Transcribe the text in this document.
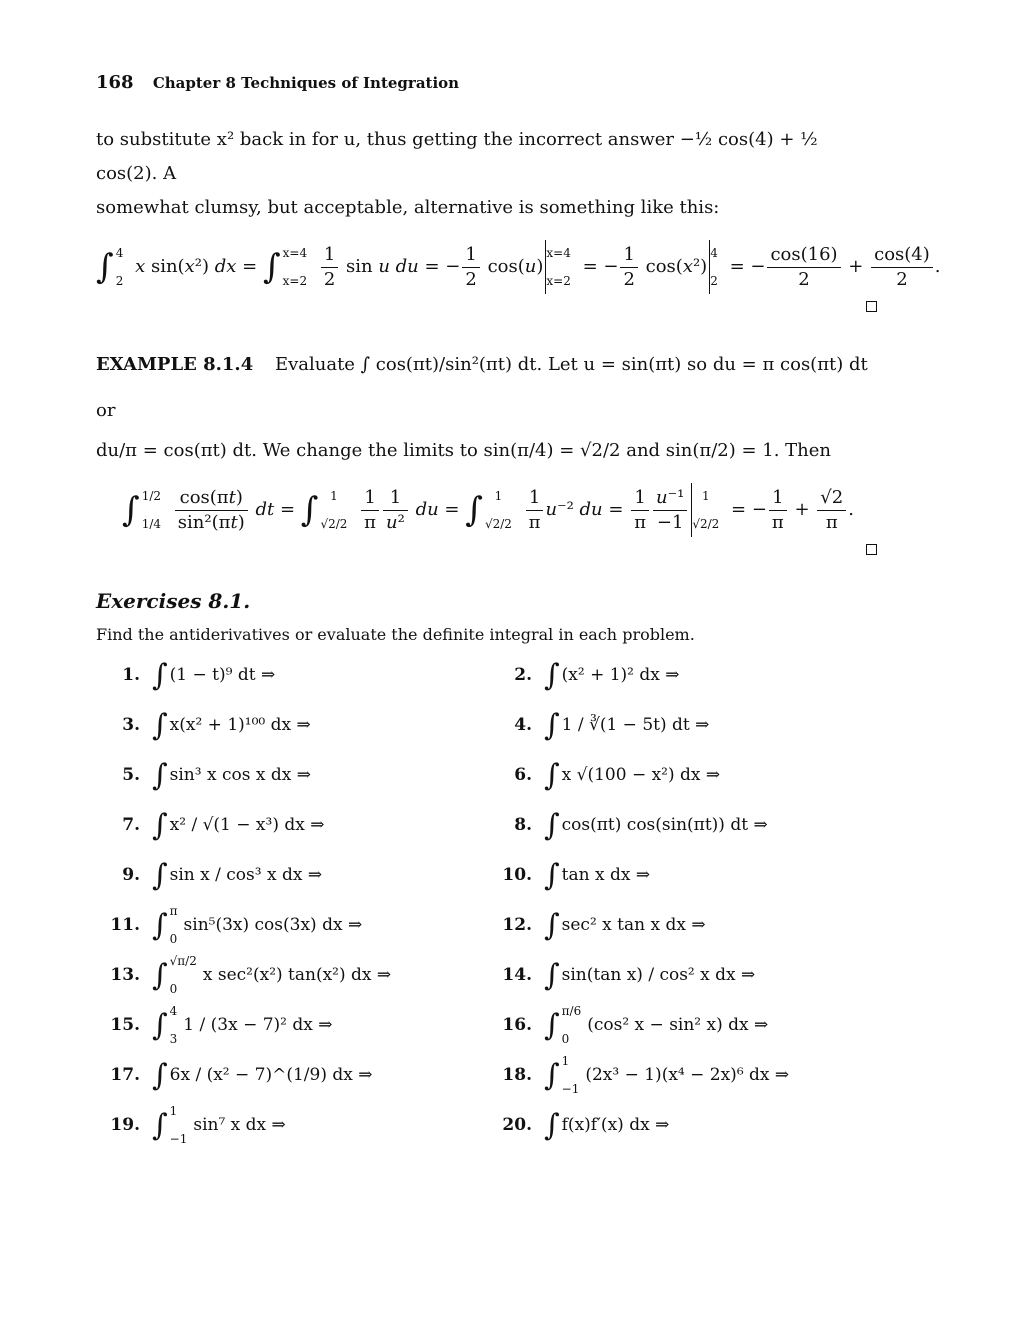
168 Chapter 8 Techniques of Integration
to substitute x² back in for u, thus getting the incorrect answer −½ cos(4) + ½ cos(2). A
somewhat clumsy, but acceptable, alternative is something like this:
∫ 4
2
x sin(x²) dx = ∫ x=4
x=2
$\frac{1}{2}$ sin u du = − $\frac{1}{2} \cos(u)$
x=4
x=2
= − $\frac{1}{2} \cos(x^2)$
4
2
= − $\frac{\cos(16)}{2} + \frac{\cos(4)}{2}$ .
EXAMPLE 8.1.4 Evaluate ∫ cos(πt)/sin²(πt) dt. Let u = sin(πt) so du = π cos(πt) dt or
du/π = cos(πt) dt. We change the limits to sin(π/4) = √2/2 and sin(π/2) = 1. Then
∫ 1/2
1/4
$\frac{\cos(\pi t)}{\text{sin²(πt)}}$ dt = ∫ 1
√2/2
$\frac{1}{\pi} \frac{1}{\text{u²}}$ du = ∫ 1
√2/2
$\frac{1}{\pi} u^{-2}$ du = $\frac{1}{\pi} \frac{\text{u⁻¹}}{-1}$	1
√2/2
= − $\frac{1}{\pi} + \frac{√2}{\pi}$ .
Exercises 8.1.
Find the antiderivatives or evaluate the definite integral in each problem.
1. ∫ (1 − t)⁹ dt ⇒	2. ∫ (x² + 1)² dx ⇒
3. ∫ x(x² + 1)¹⁰⁰ dx ⇒	4. ∫ 1 / ∛(1 − 5t) dt ⇒
5. ∫ sin³ x cos x dx ⇒	6. ∫ x √(100 − x²) dx ⇒
7. ∫ x² / √(1 − x³) dx ⇒	8. ∫ cos(πt) cos(sin(πt)) dt ⇒
9. ∫ sin x / cos³ x dx ⇒	10. ∫ tan x dx ⇒
11. ∫ π
0
sin⁵(3x) cos(3x) dx ⇒	12. ∫ sec² x tan x dx ⇒
13. ∫ √π/2
0
x sec²(x²) tan(x²) dx ⇒	14. ∫ sin(tan x) / cos² x dx ⇒
15. ∫ 4
3
1 / (3x − 7)² dx ⇒	16. ∫ π/6
0
(cos² x − sin² x) dx ⇒
17. ∫ 6x / (x² − 7)^(1/9) dx ⇒	18. ∫ 1
−1
(2x³ − 1)(x⁴ − 2x)⁶ dx ⇒
19. ∫ 1
−1
sin⁷ x dx ⇒	20. ∫ f(x)f′(x) dx ⇒
